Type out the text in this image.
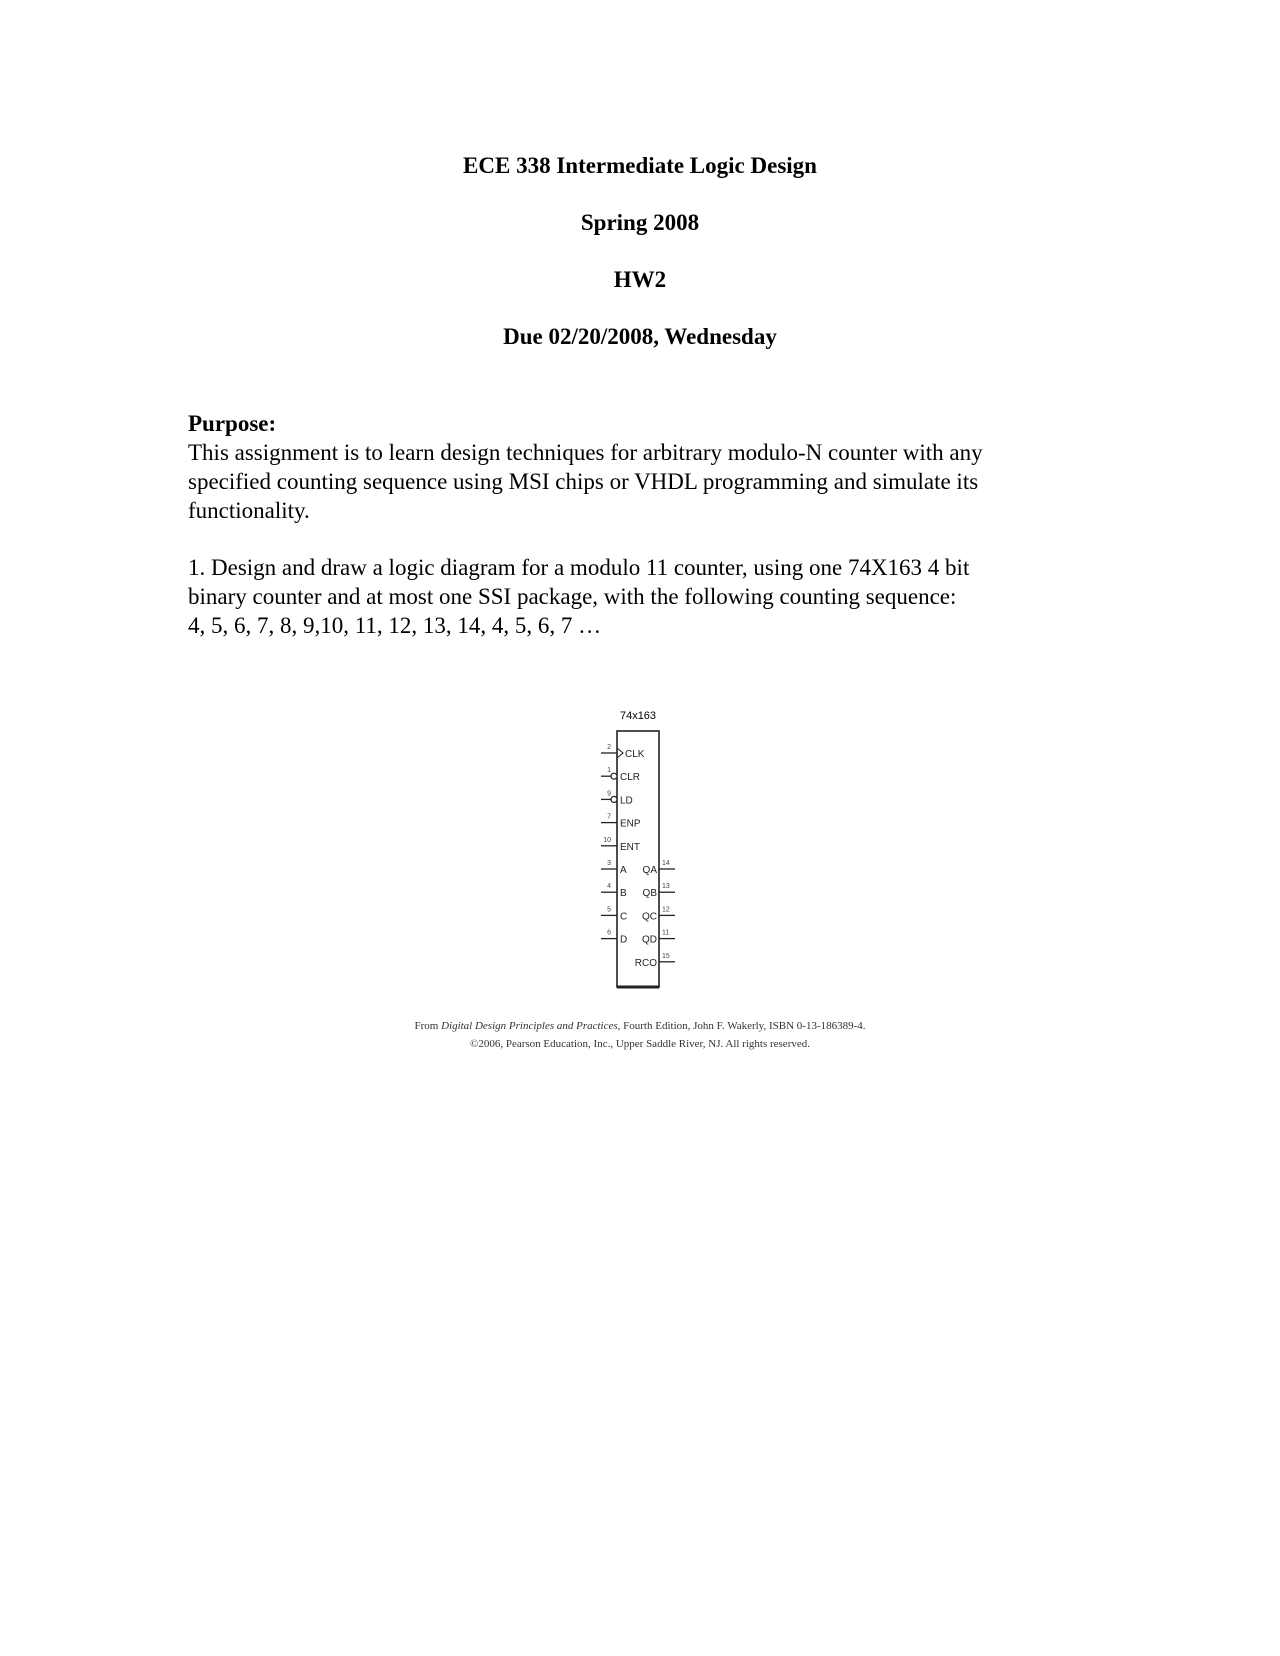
ECE 338 Intermediate Logic Design
Spring 2008
HW2
Due 02/20/2008, Wednesday
Purpose:
This assignment is to learn design techniques for arbitrary modulo-N counter with any
specified counting sequence using MSI chips or VHDL programming and simulate its
functionality.
1. Design and draw a logic diagram for a modulo 11 counter, using one 74X163 4 bit
binary counter and at most one SSI package, with the following counting sequence:
4, 5, 6, 7, 8, 9,10, 11, 12, 13, 14, 4, 5, 6, 7 …
74x163
2
CLK
1
CLR
9
LD
7
ENP
10
ENT
3
A
4
B
5
C
6
D
14
QA
13
QB
12
QC
11
QD
15
RCO
From Digital Design Principles and Practices, Fourth Edition, John F. Wakerly, ISBN 0-13-186389-4.
©2006, Pearson Education, Inc., Upper Saddle River, NJ. All rights reserved.
